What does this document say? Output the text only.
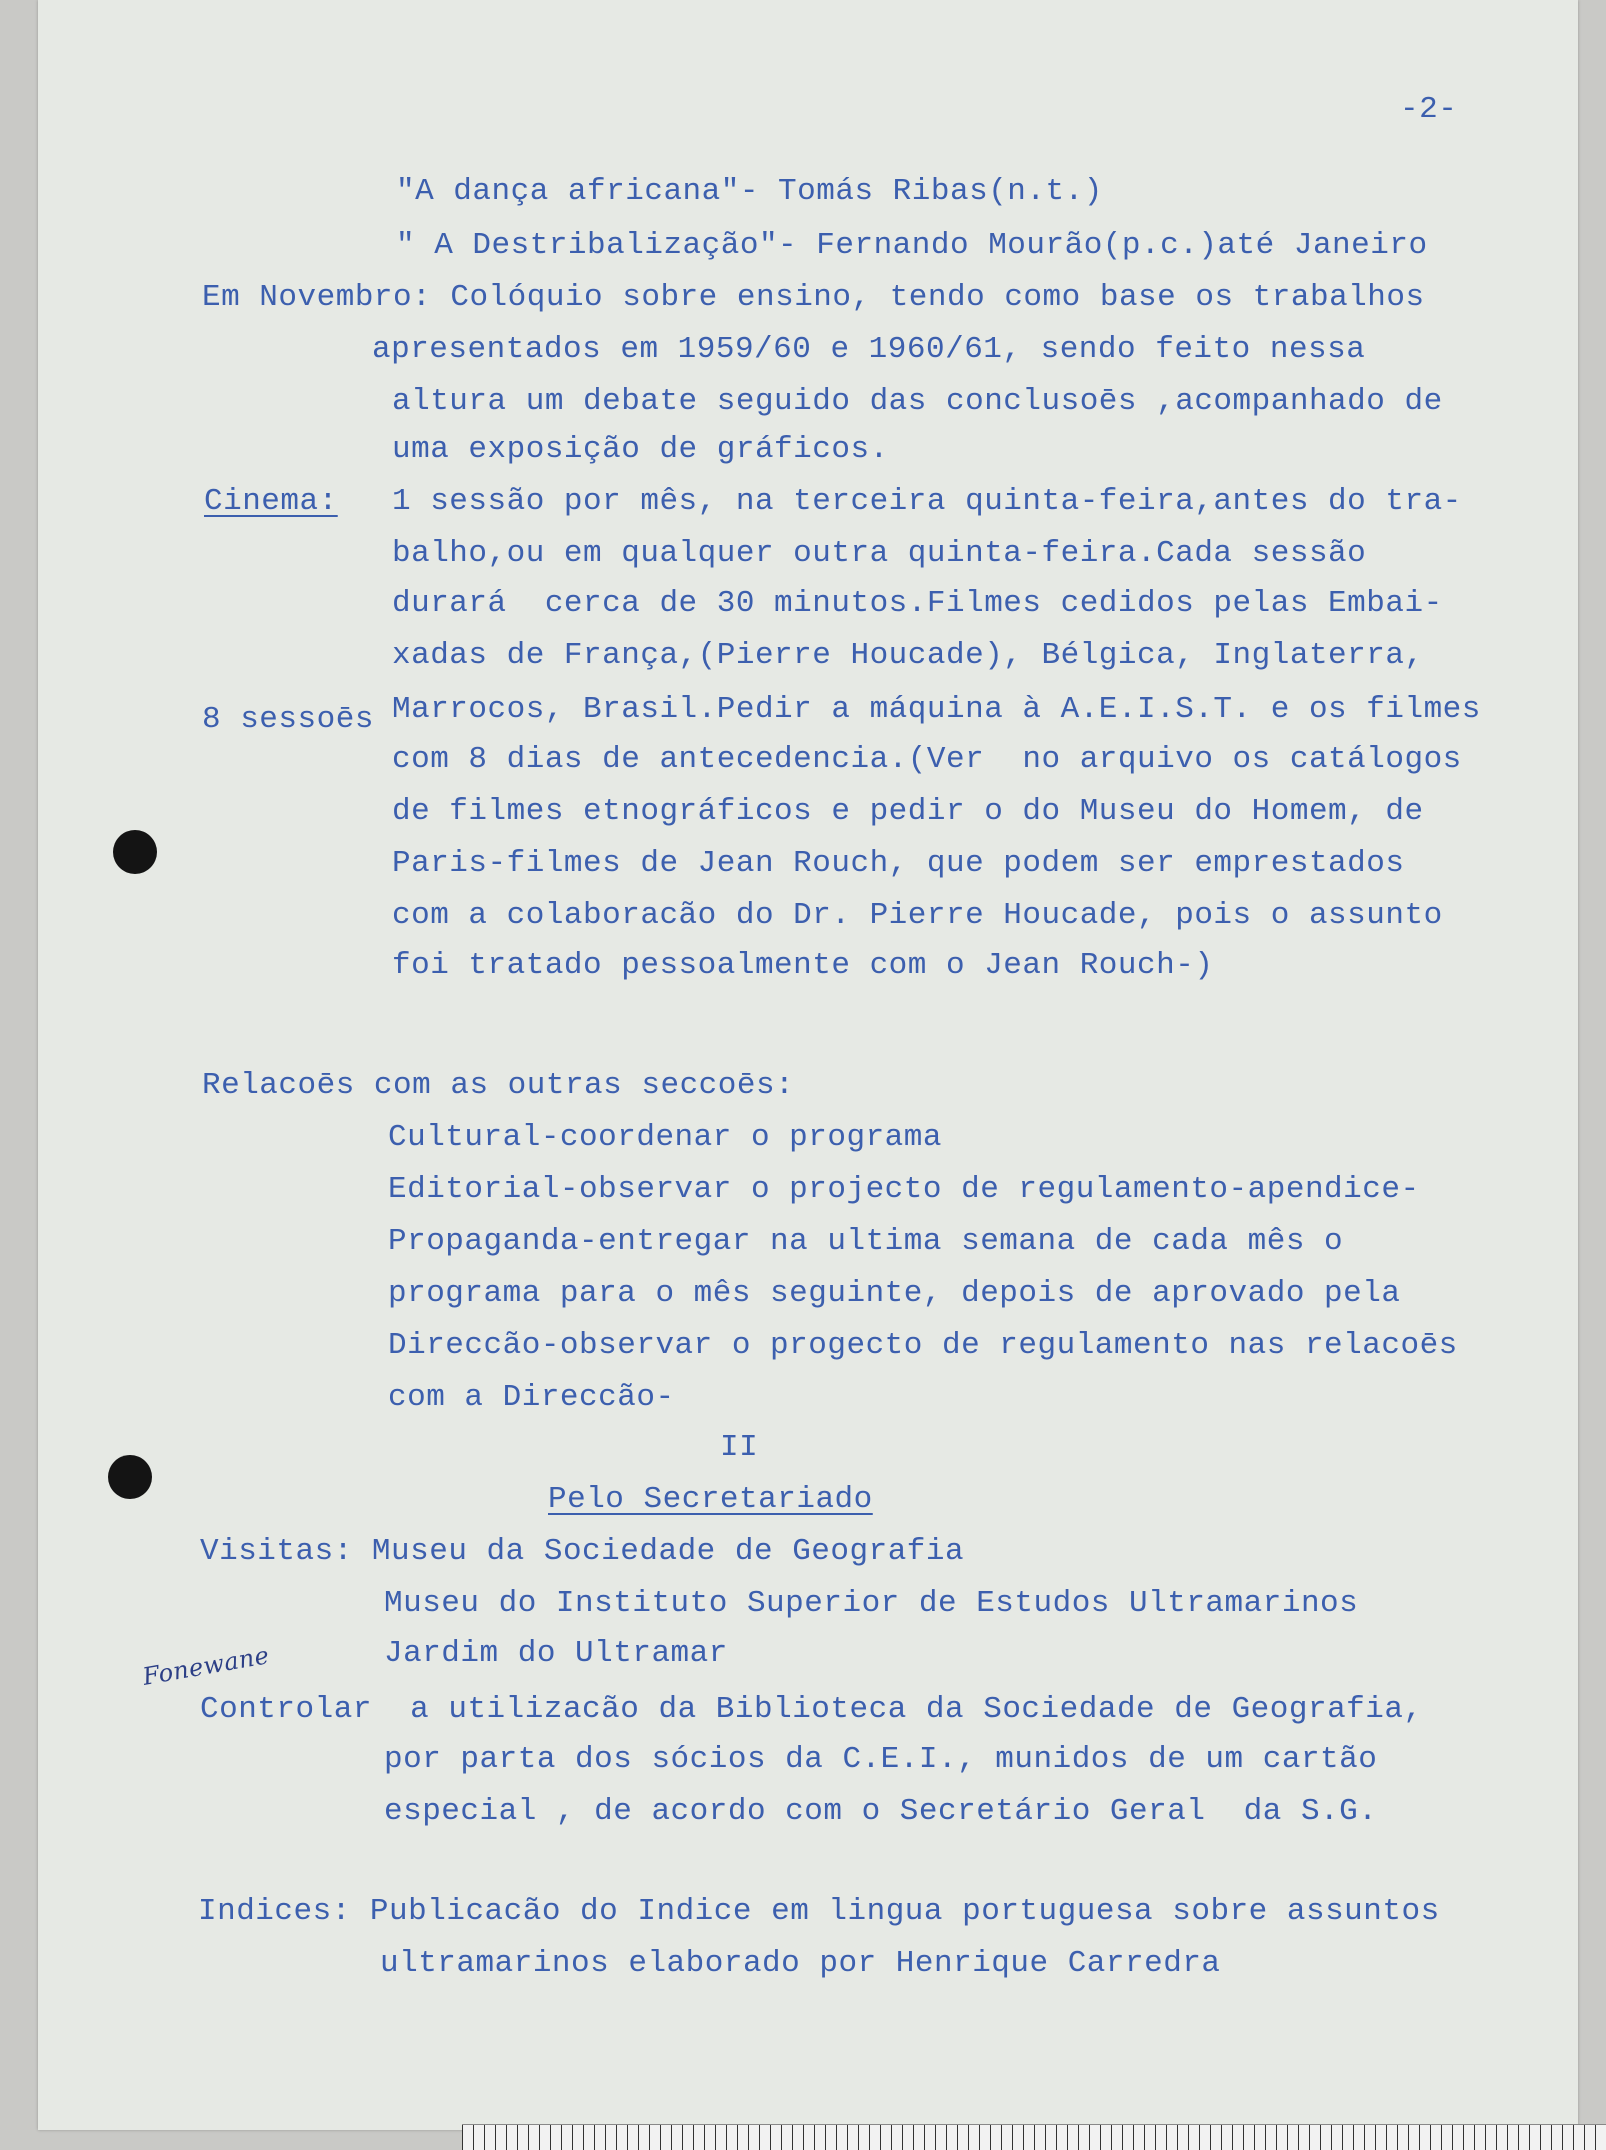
-2-
"A dança africana"- Tomás Ribas(n.t.)
" A Destribalização"- Fernando Mourão(p.c.)até Janeiro
Em Novembro: Colóquio sobre ensino, tendo como base os trabalhos
apresentados em 1959/60 e 1960/61, sendo feito nessa
altura um debate seguido das conclusoēs ,acompanhado de
uma exposição de gráficos.
Cinema: 1 sessão por mês, na terceira quinta-feira,antes do tra-
balho,ou em qualquer outra quinta-feira.Cada sessão
durará  cerca de 30 minutos.Filmes cedidos pelas Embai-
xadas de França,(Pierre Houcade), Bélgica, Inglaterra,
8 sessoēs Marrocos, Brasil.Pedir a máquina à A.E.I.S.T. e os filmes
com 8 dias de antecedencia.(Ver  no arquivo os catálogos
de filmes etnográficos e pedir o do Museu do Homem, de
Paris-filmes de Jean Rouch, que podem ser emprestados
com a colaboracão do Dr. Pierre Houcade, pois o assunto
foi tratado pessoalmente com o Jean Rouch-)
Relacoēs com as outras seccoēs:
Cultural-coordenar o programa
Editorial-observar o projecto de regulamento-apendice-
Propaganda-entregar na ultima semana de cada mês o
programa para o mês seguinte, depois de aprovado pela
Direccão-observar o progecto de regulamento nas relacoēs
com a Direccão-
II
Pelo Secretariado
Visitas: Museu da Sociedade de Geografia
Museu do Instituto Superior de Estudos Ultramarinos
Jardim do Ultramar
Fonewane
Controlar  a utilizacão da Biblioteca da Sociedade de Geografia,
por parta dos sócios da C.E.I., munidos de um cartão
especial , de acordo com o Secretário Geral  da S.G.
Indices: Publicacão do Indice em lingua portuguesa sobre assuntos
ultramarinos elaborado por Henrique Carredra
